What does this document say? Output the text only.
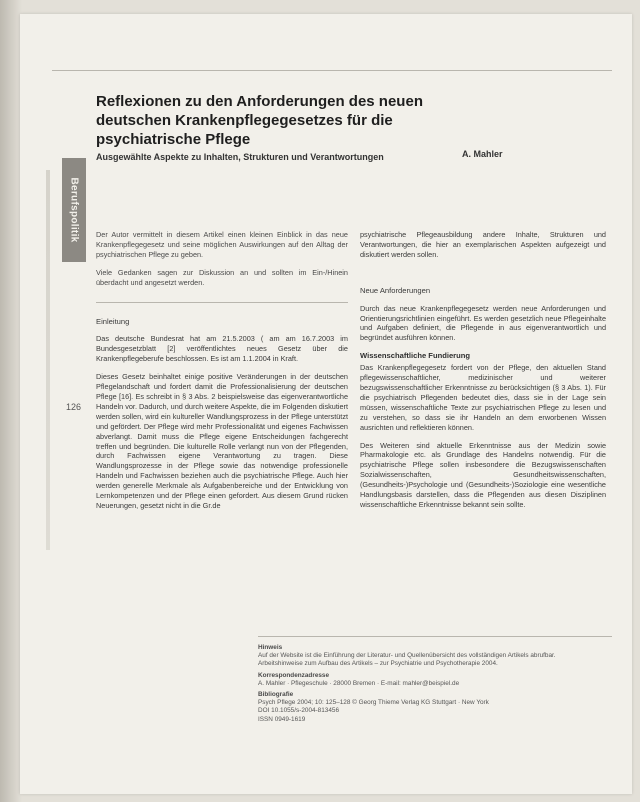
Berufspolitik
126
Reflexionen zu den Anforderungen des neuen
deutschen Krankenpflegegesetzes für die
psychiatrische Pflege
Ausgewählte Aspekte zu Inhalten, Strukturen und Verantwortungen	A. Mahler

Der Autor vermittelt in diesem Artikel einen kleinen Einblick in das neue Krankenpflegegesetz und seine möglichen Auswirkungen auf den Alltag der psychiatrischen Pflege zu geben.

Viele Gedanken sagen zur Diskussion an und sollten im Ein-/Hinein überdacht und angesetzt werden.

Einleitung

Das deutsche Bundesrat hat am 21.5.2003 ( am am 16.7.2003 im Bundesgesetzblatt [2] veröffentlichtes neues Gesetz über die Krankenpflegeberufe beschlossen. Es ist am 1.1.2004 in Kraft.

Dieses Gesetz beinhaltet einige positive Veränderungen in der deutschen Pflegelandschaft und fordert damit die Professionalisierung der deutschen Pflege [16]. Es schreibt in § 3 Abs. 2 beispielsweise das eigenverantwortliche Handeln vor. Dadurch, und durch weitere Aspekte, die im Folgenden diskutiert werden sollen, wird ein kultureller Wandlungsprozess in der Pflege unterstützt und gefördert. Der Pflege wird mehr Professionalität und eigenes Fachwissen abverlangt. Damit muss die Pflege eigene Entscheidungen fachgerecht treffen und begründen. Die kulturelle Rolle verlangt nun von der Pflegenden, durch Fachwissen eigene Verantwortung zu tragen. Diese Wandlungsprozesse in der Pflege sowie das notwendige professionelle Handeln und Fachwissen beziehen auch die psychiatrische Pflege. Auch hier werden generelle Merkmale als Aufgabenbereiche und der Entwicklung von Lernkompetenzen und der Pflege einen gefordert. Aus diesem Grund rücken Neuerungen, gesetzt nicht in die Gr.de

psychiatrische Pflegeausbildung andere Inhalte, Strukturen und Verantwortungen, die hier an exemplarischen Aspekten aufgezeigt und diskutiert werden sollen.

Neue Anforderungen

Durch das neue Krankenpflegegesetz werden neue Anforderungen und Orientierungsrichtlinien eingeführt. Es werden gesetzlich neue Pflegeinhalte und Aufgaben definiert, die Pflegende in aus eigenverantwortlich und begründet ausführen können.

Wissenschaftliche Fundierung

Das Krankenpflegegesetz fordert von der Pflege, den aktuellen Stand pflegewissenschaftlicher, medizinischer und weiterer bezugswissenschaftlicher Erkenntnisse zu berücksichtigen (§ 3 Abs. 1). Für die psychiatrisch Pflegenden bedeutet dies, dass sie in der Lage sein müssen, wissenschaftliche Texte zur psychiatrischen Pflege zu lesen und zu verstehen, so dass sie ihr Handeln an dem erworbenen Wissen ausrichten und reflektieren können.

Des Weiteren sind aktuelle Erkenntnisse aus der Medizin sowie Pharmakologie etc. als Grundlage des Handelns notwendig. Für die psychiatrische Pflege sollen insbesondere die Bezugswissenschaften Sozialwissenschaften, Gesundheitswissenschaften, (Gesundheits-)Psychologie und (Gesundheits-)Soziologie eine wesentliche Handlungsbasis darstellen, dass die Pflegenden aus diesen Disziplinen wissenschaftliche Erkenntnisse bekannt sein sollte.

Hinweis
Auf der Website ist die Einführung der Literatur- und Quellenübersicht des vollständigen Artikels abrufbar.
Arbeitshinweise zum Aufbau des Artikels – zur Psychiatrie und Psychotherapie 2004.
Korrespondenzadresse
A. Mahler · Pflegeschule · 28000 Bremen · E-mail: mahler@beispiel.de
Bibliografie
Psych Pflege 2004; 10: 125–128 © Georg Thieme Verlag KG Stuttgart · New York
DOI 10.1055/s-2004-813456
ISSN 0949-1619
